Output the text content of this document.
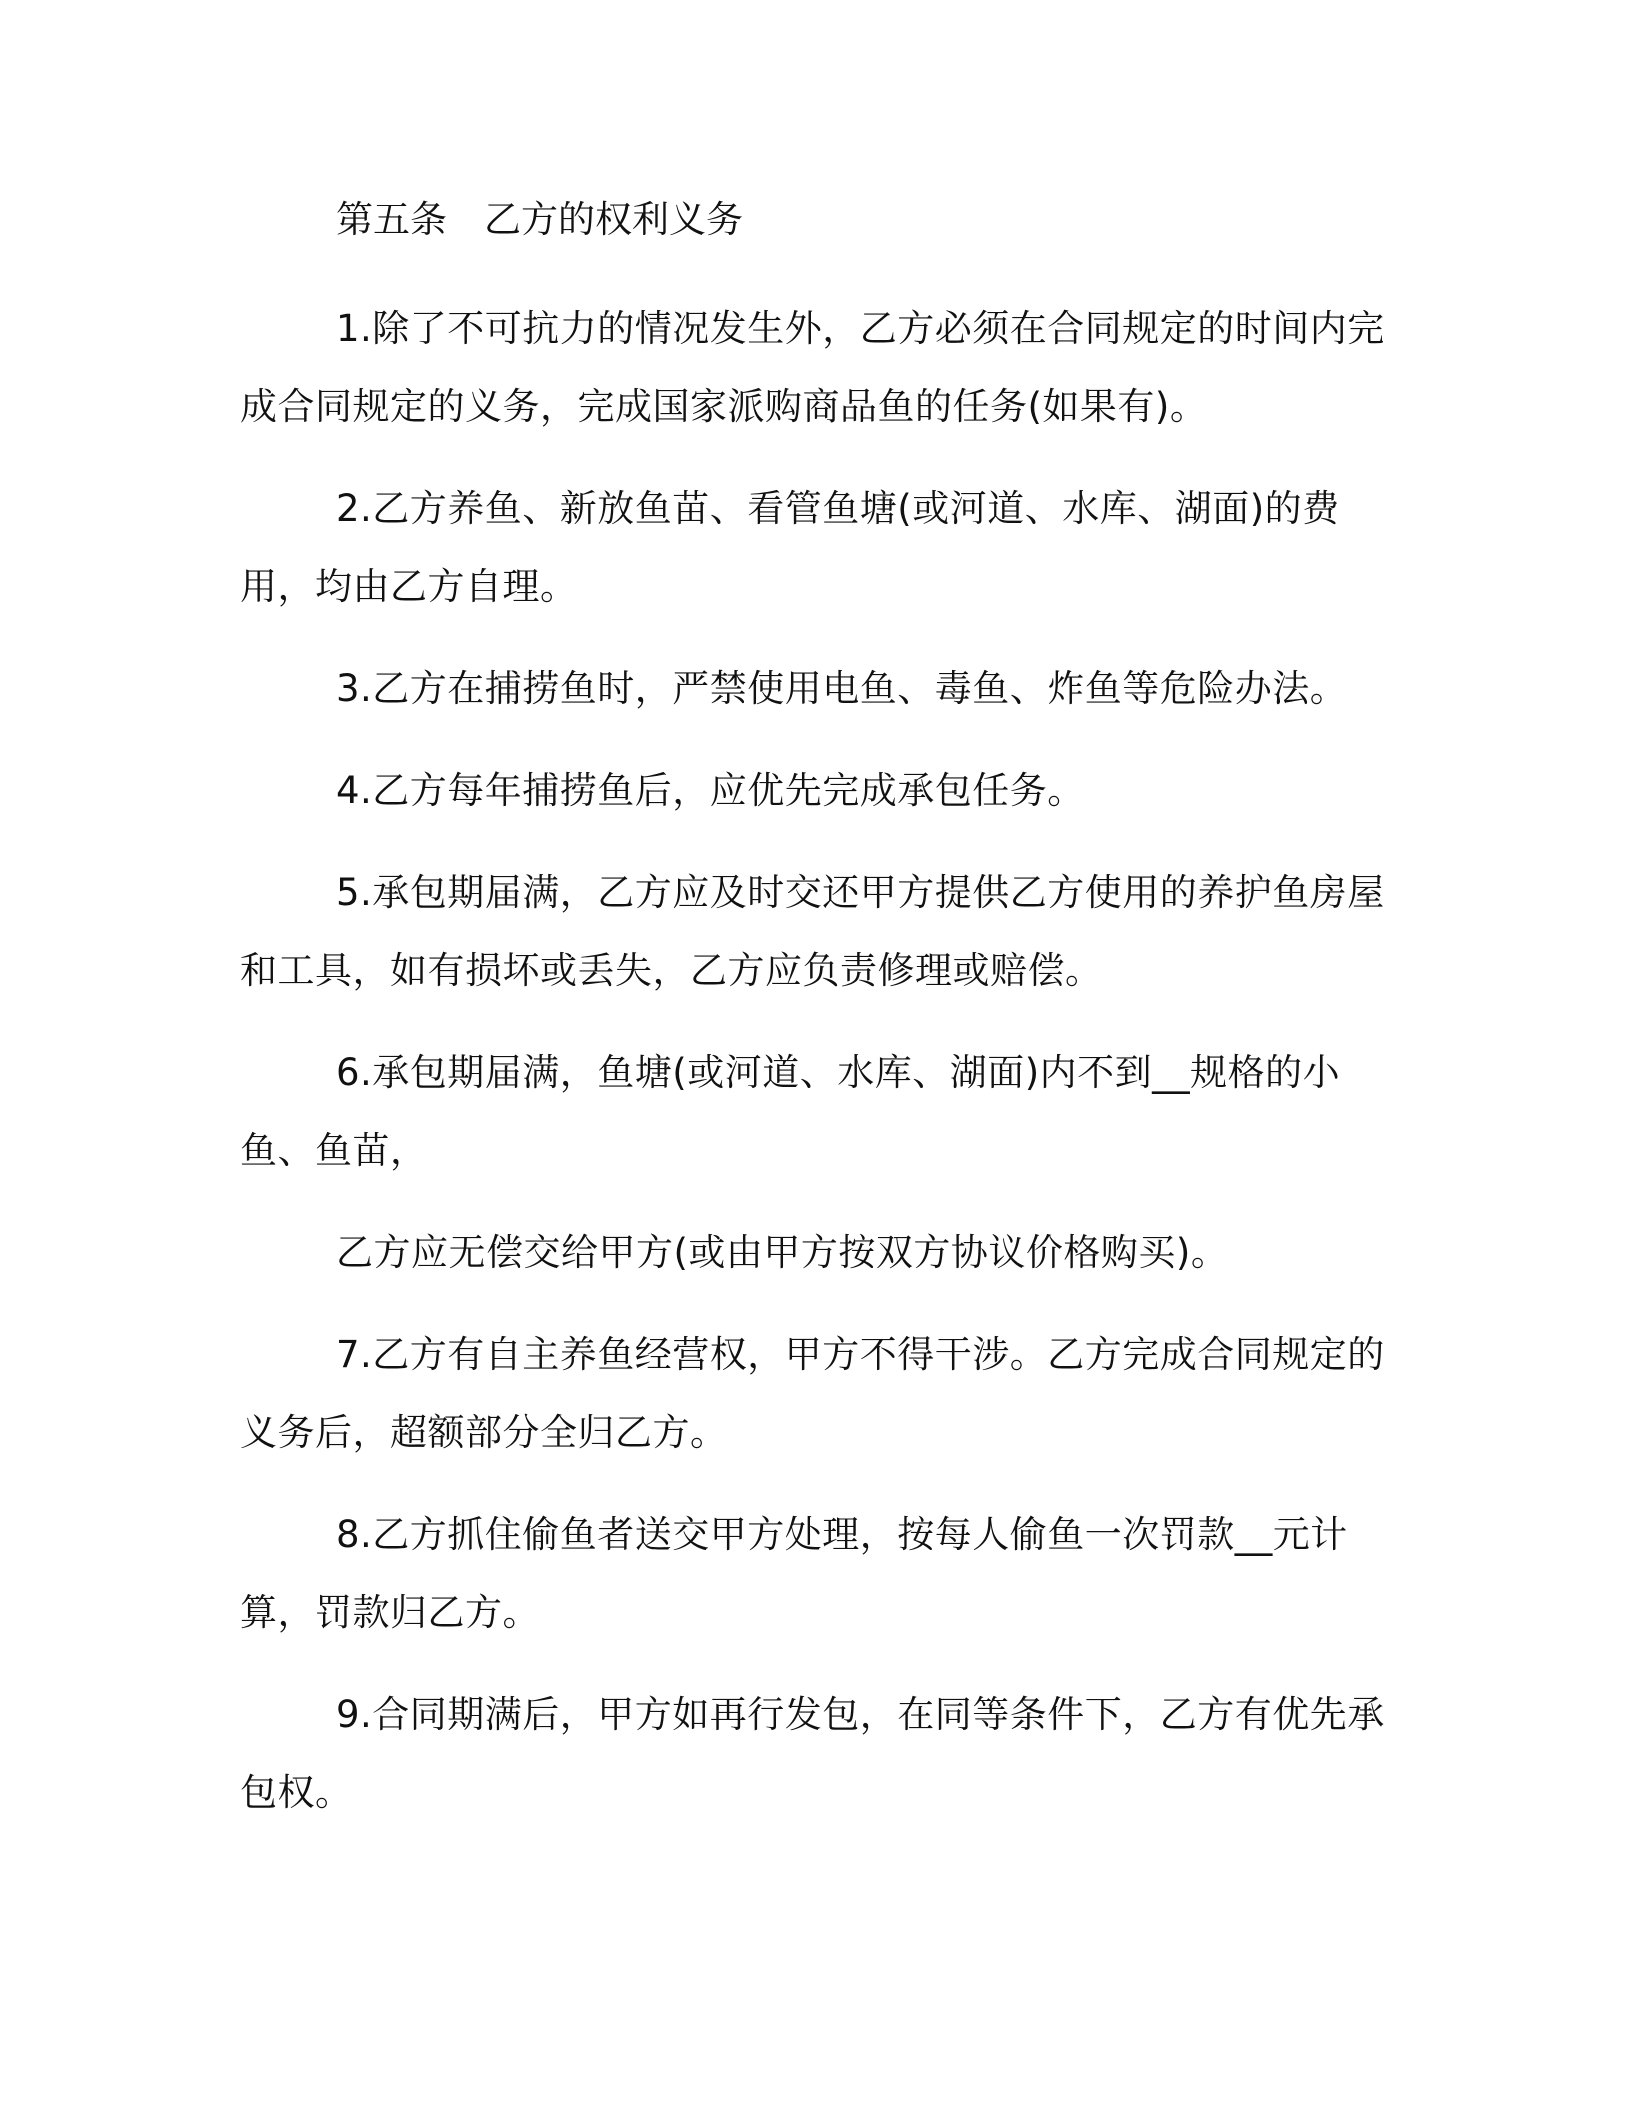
第五条　乙方的权利义务

1.除了不可抗力的情况发生外，乙方必须在合同规定的时间内完成合同规定的义务，完成国家派购商品鱼的任务(如果有)。

2.乙方养鱼、新放鱼苗、看管鱼塘(或河道、水库、湖面)的费用，均由乙方自理。

3.乙方在捕捞鱼时，严禁使用电鱼、毒鱼、炸鱼等危险办法。

4.乙方每年捕捞鱼后，应优先完成承包任务。

5.承包期届满，乙方应及时交还甲方提供乙方使用的养护鱼房屋和工具，如有损坏或丢失，乙方应负责修理或赔偿。

6.承包期届满，鱼塘(或河道、水库、湖面)内不到__规格的小鱼、鱼苗，

乙方应无偿交给甲方(或由甲方按双方协议价格购买)。

7.乙方有自主养鱼经营权，甲方不得干涉。乙方完成合同规定的义务后，超额部分全归乙方。

8.乙方抓住偷鱼者送交甲方处理，按每人偷鱼一次罚款__元计算，罚款归乙方。

9.合同期满后，甲方如再行发包，在同等条件下，乙方有优先承包权。
